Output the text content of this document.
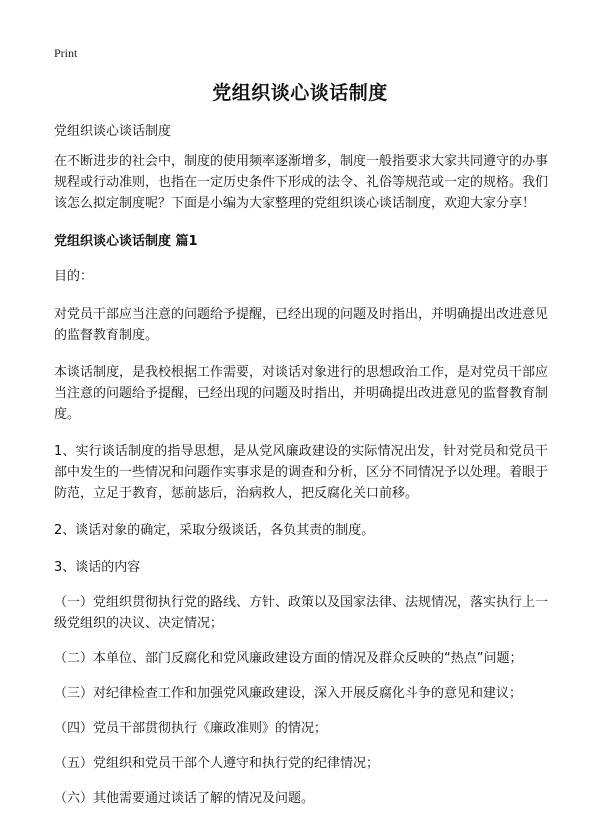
Print
党组织谈心谈话制度

党组织谈心谈话制度

在不断进步的社会中，制度的使用频率逐渐增多，制度一般指要求大家共同遵守的办事规程或行动准则，也指在一定历史条件下形成的法令、礼俗等规范或一定的规格。我们该怎么拟定制度呢？下面是小编为大家整理的党组织谈心谈话制度，欢迎大家分享！

党组织谈心谈话制度 篇1

目的：

对党员干部应当注意的问题给予提醒，已经出现的问题及时指出，并明确提出改进意见的监督教育制度。

本谈话制度，是我校根据工作需要，对谈话对象进行的思想政治工作，是对党员干部应当注意的问题给予提醒，已经出现的问题及时指出，并明确提出改进意见的监督教育制度。

1、实行谈话制度的指导思想，是从党风廉政建设的实际情况出发，针对党员和党员干部中发生的一些情况和问题作实事求是的调查和分析，区分不同情况予以处理。着眼于防范，立足于教育，惩前毖后，治病救人，把反腐化关口前移。

2、谈话对象的确定，采取分级谈话，各负其责的制度。

3、谈话的内容

（一）党组织贯彻执行党的路线、方针、政策以及国家法律、法规情况，落实执行上一级党组织的决议、决定情况；

（二）本单位、部门反腐化和党风廉政建设方面的情况及群众反映的“热点”问题；

（三）对纪律检查工作和加强党风廉政建设，深入开展反腐化斗争的意见和建议；

（四）党员干部贯彻执行《廉政准则》的情况；

（五）党组织和党员干部个人遵守和执行党的纪律情况；

（六）其他需要通过谈话了解的情况及问题。
